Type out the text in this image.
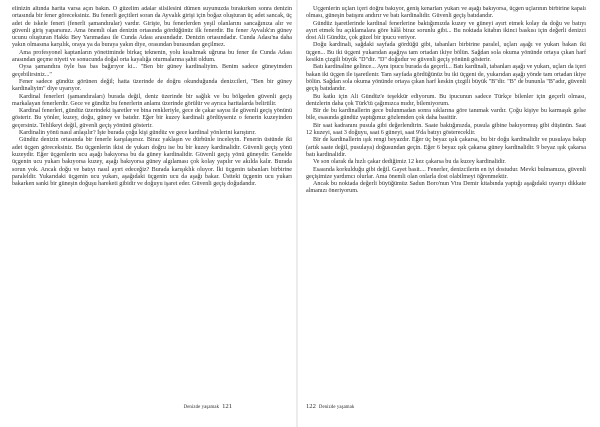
elinizin altında harita varsa açın bakın. O güzelim adalar silsilesini dümen suyunuzda bırakırken sonra denizin ortasında bir fener göreceksiniz. Bu fenerli geçitleri soran da Ayvalık girişi için boğaz oluşturan üç adet sancak, üç adet de iskele feneri (fenerli şamandıralar) vardır. Girişte, bu fenerlerden yeşil olanlarını sancağınıza alır ve güvenli giriş yaparsınız. Ama önemli olan denizin ortasında gördüğünüz ilk fenerdir. Bu fener Ayvalık'ın güney ucunu oluşturan Hakkı Bey Yarımadası ile Cunda Adası arasındadır. Denizin ortasındadır. Cunda Adası'na daha yakın olmasına karşılık, oraya ya da buraya yakın diye, orasından burasından geçilmez.

Ama profesyonel kaptanların yönetiminde birkaç teknenin, yolu kısaltmak uğruna bu fener ile Cunda Adası arasından geçme niyeti ve sonucunda doğal orta kayalığa oturmalarına şahit oldum.

Oysa şamandıra öyle bas bas bağırıyor ki... "Ben bir güney kardinaliyim. Benim sadece güneyimden geçebilirsiniz..."

Fener sadece gündüz görünen değil; hatta üzerinde de doğru okunduğunda denizcileri, "Ben bir güney kardinaliyim" diye uyarıyor.

Kardinal fenerleri (şamandıraları) burada değil, deniz üzerinde bir sağlık ve bu bölgeden güvenli geçiş markalayan fenerlerdir. Gece ve gündüz bu fenerlerin anlamı üzerinde görülür ve ayrıca haritalarda belirtilir.

Kardinal fenerleri, gündüz üzerindeki işaretler ve bina renkleriyle, gece de çakar sayısı ile güvenli geçiş yönünü gösterir. Bu yönler, kuzey, doğu, güney ve batıdır. Eğer bir kuzey kardinali gördüyseniz o fenerin kuzeyinden geçersiniz. Tehlikeyi değil, güvenli geçiş yönünü gösterir.

Kardinalin yönü nasıl anlaşılır? İşte burada çoğu kişi gündüz ve gece kardinal yönlerini karıştırır.

Gündüz denizin ortasında bir fenerle karşılaşırsız. Biraz yaklaşın ve dürbünle inceleyin. Fenerin üstünde iki adet üçgen göreceksiniz. Bu üçgenlerin ikisi de yukarı doğru ise bu bir kuzey kardinalidir. Güvenli geçiş yönü kuzeydir. Eğer üçgenlerin ucu aşağı bakıyorsa bu da güney kardinalidir. Güvenli geçiş yönü güneydir. Genelde üçgenin ucu yukarı bakıyorsa kuzey, aşağı bakıyorsa güney algılaması çok kolay yapılır ve akılda kalır. Burada sorun yok. Ancak doğu ve batıyı nasıl ayırt edeceğiz? Burada karışıklık oluyor. İki üçgenin tabanları birbirine paraleldir. Yukarıdaki üçgenin ucu yukarı, aşağıdaki üçgenin ucu da aşağı bakar. Üstteki üçgenin ucu yukarı bakarken sanki bir güneşin doğuşu hareketi gibidir ve doğuyu işaret eder. Güvenli geçiş doğudandır.

Denizde yaşamak 121

Üçgenlerin uçları içeri doğru bakıyor, geniş kenarları yukarı ve aşağı bakıyorsa, üçgen uçlarının birbirine kapalı olması, güneşin batışını andırır ve batı kardinalidir. Güvenli geçiş batıdandır.

Gündüz işaretlerinde kardinal fenerlerine baktığımızda kuzey ve güneyi ayırt etmek kolay da doğu ve batıyı ayırt etmek bu açıklamalara göre hâlâ biraz sorunlu gibi... Bu noktada kitabın ikinci baskısı için değerli denizci dost Ali Gündüz, çok güzel bir ipucu veriyor.

Doğu kardinali, sağdaki sayfada gördüğü gibi, tabanları birbirine paralel, uçları aşağı ve yukarı bakan iki üçgen... Bu iki üçgeni yukarıdan aşağıya tam ortadan ikiye bölün. Sağdan sola okuma yönünde ortaya çıkan harf kesikin çizgili büyük "D"dir. "D" doğudur ve güvenli geçiş yönünü gösterir.

Batı kardinaline gelince... Aynı ipucu burada da geçerli... Batı kardinali, tabanları aşağı ve yukarı, uçları da içeri bakan iki üçgen ile işaretlenir. Tam sayfada gördüğünüz bu iki üçgeni de, yukarıdan aşağı yönde tam ortadan ikiye bölün. Sağdan sola okuma yönünde ortaya çıkan harf keskin çizgili büyük "B"dir. "B" de bununla "B"adır, güvenli geçiş batıdandır.

Bu katkı için Ali Gündüz'e teşekkür ediyorum. Bu ipucunun sadece Türkçe bilenler için geçerli olması, denizlerin daha çok Türk'tü çağımızca mıdır, bilemiyorum.

Bir de bu kardinallerin gece bulunmadan sonra sıklarına göre tanımak vardır. Çoğu kişiye bu karmaşık gelse bile, esasında gündüz yaptığımız gözlemden çok daha basittir.

Bir saat kadranını pusula gibi değerlendirin. Saate baktığınızda, pusula gibine bakıyormuş gibi düşünün. Saat 12 kuzeyi, saat 3 doğuyu, saat 6 güneyi, saat 9'da batıyı göstereceklir.

Bir de kardinallerin ışık rengi beyazdır. Eğer üç beyaz ışık çakarsa, bu bir doğu kardinalidir ve pusulaya bakıp (artık saate değil, pusulaya) doğusundan geçin. Eğer 6 beyaz ışık çakarsa güney kardinalidir. 9 beyaz ışık çakarsa batı kardinalidir.

Ve son olarak da hızlı çakar dediğimiz 12 kez çakarsa bu da kuzey kardinalidir.

Esasında korkulduğu gibi değil. Gayet basit.... Fenerler, denizcilerin en iyi dostudur. Mevki bulmamıza, güvenli geçişimize yardımcı olurlar. Ama önemli olan onlarla dost olabilmeyi öğrenmektir.

Ancak bu noktada değerli büyüğümüz Sadun Boro'nun Vira Demir kitabında yaptığı aşağıdaki uyarıyı dikkate almanızı öneriyorum.

122 Denizde yaşamak
